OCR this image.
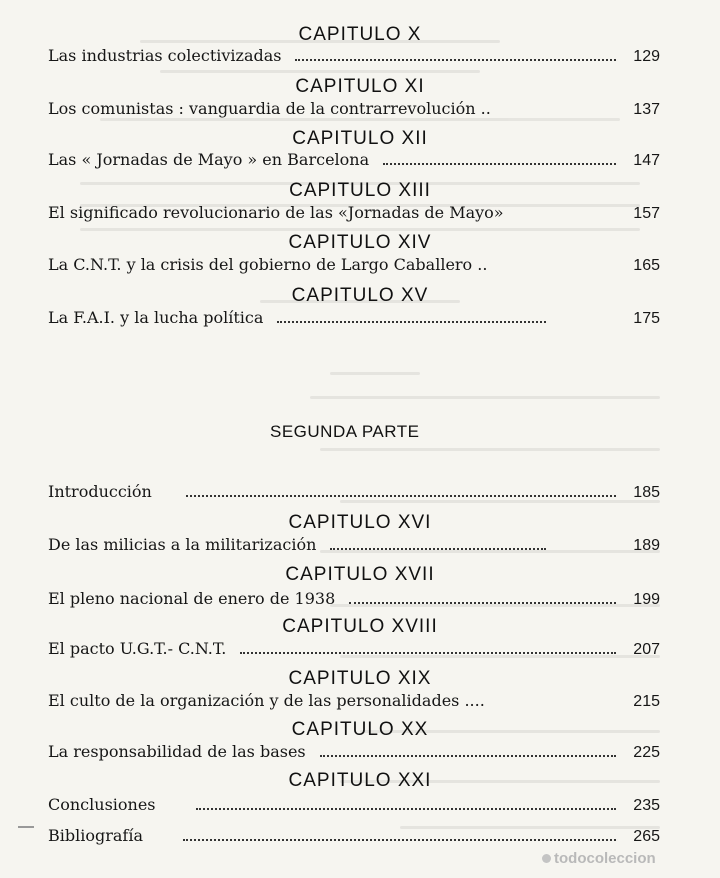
CAPITULO X
Las industrias colectivizadas	129
CAPITULO XI
Los comunistas : vanguardia de la contrarrevolución ..	137
CAPITULO XII
Las « Jornadas de Mayo » en Barcelona	147
CAPITULO XIII
El significado revolucionario de las «Jornadas de Mayo»	157
CAPITULO XIV
La C.N.T. y la crisis del gobierno de Largo Caballero ..	165
CAPITULO XV
La F.A.I. y la lucha política	175
SEGUNDA PARTE
Introducción	185
CAPITULO XVI
De las milicias a la militarización	189
CAPITULO XVII
El pleno nacional de enero de 1938	199
CAPITULO XVIII
El pacto U.G.T.- C.N.T.	207
CAPITULO XIX
El culto de la organización y de las personalidades ....	215
CAPITULO XX
La responsabilidad de las bases	225
CAPITULO XXI
Conclusiones	235
Bibliografía	265
todocoleccion
